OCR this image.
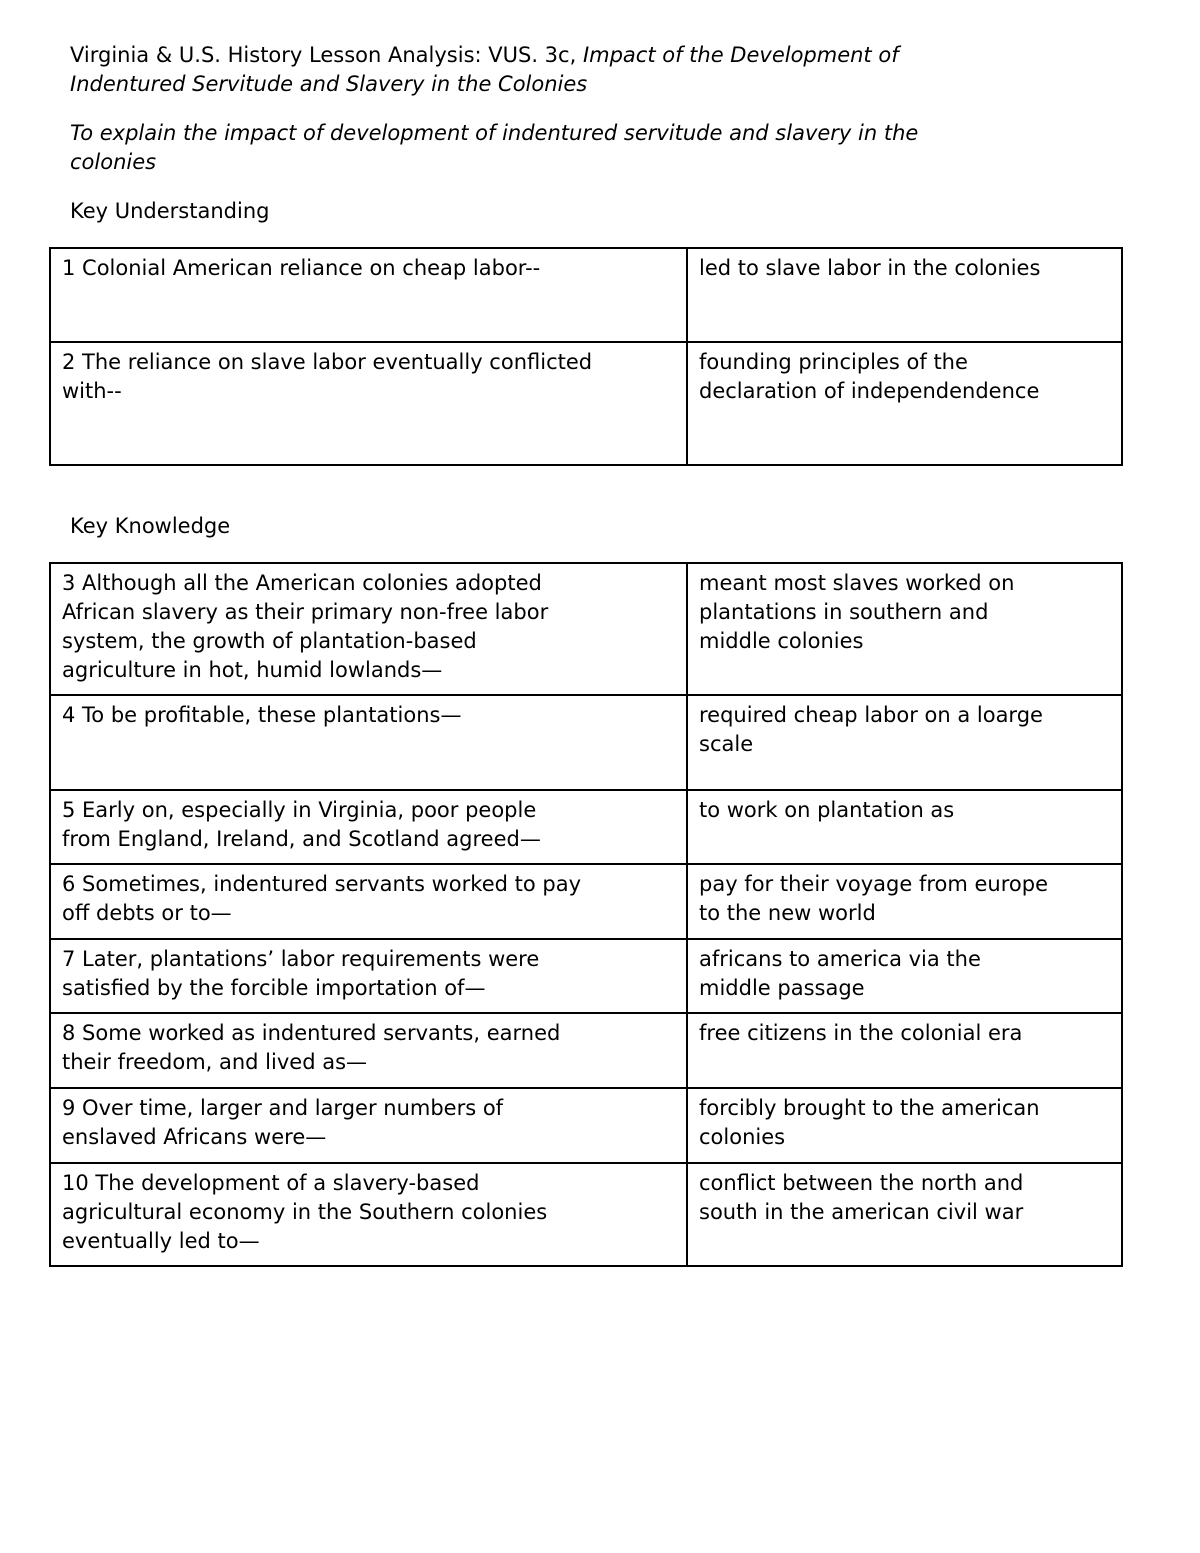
Virginia & U.S. History Lesson Analysis: VUS. 3c, Impact of the Development of
Indentured Servitude and Slavery in the Colonies

To explain the impact of development of indentured servitude and slavery in the
colonies

Key Understanding

1 Colonial American reliance on cheap labor--	led to slave labor in the colonies
2 The reliance on slave labor eventually conflicted
with--	founding principles of the
declaration of independendence

Key Knowledge

3 Although all the American colonies adopted
African slavery as their primary non-free labor
system, the growth of plantation-based
agriculture in hot, humid lowlands—	meant most slaves worked on
plantations in southern and
middle colonies
4 To be profitable, these plantations—	required cheap labor on a loarge
scale
5 Early on, especially in Virginia, poor people
from England, Ireland, and Scotland agreed—	to work on plantation as
6 Sometimes, indentured servants worked to pay
off debts or to—	pay for their voyage from europe
to the new world
7 Later, plantations’ labor requirements were
satisfied by the forcible importation of—	africans to america via the
middle passage
8 Some worked as indentured servants, earned
their freedom, and lived as—	free citizens in the colonial era
9 Over time, larger and larger numbers of
enslaved Africans were—	forcibly brought to the american
colonies
10 The development of a slavery-based
agricultural economy in the Southern colonies
eventually led to—	conflict between the north and
south in the american civil war
